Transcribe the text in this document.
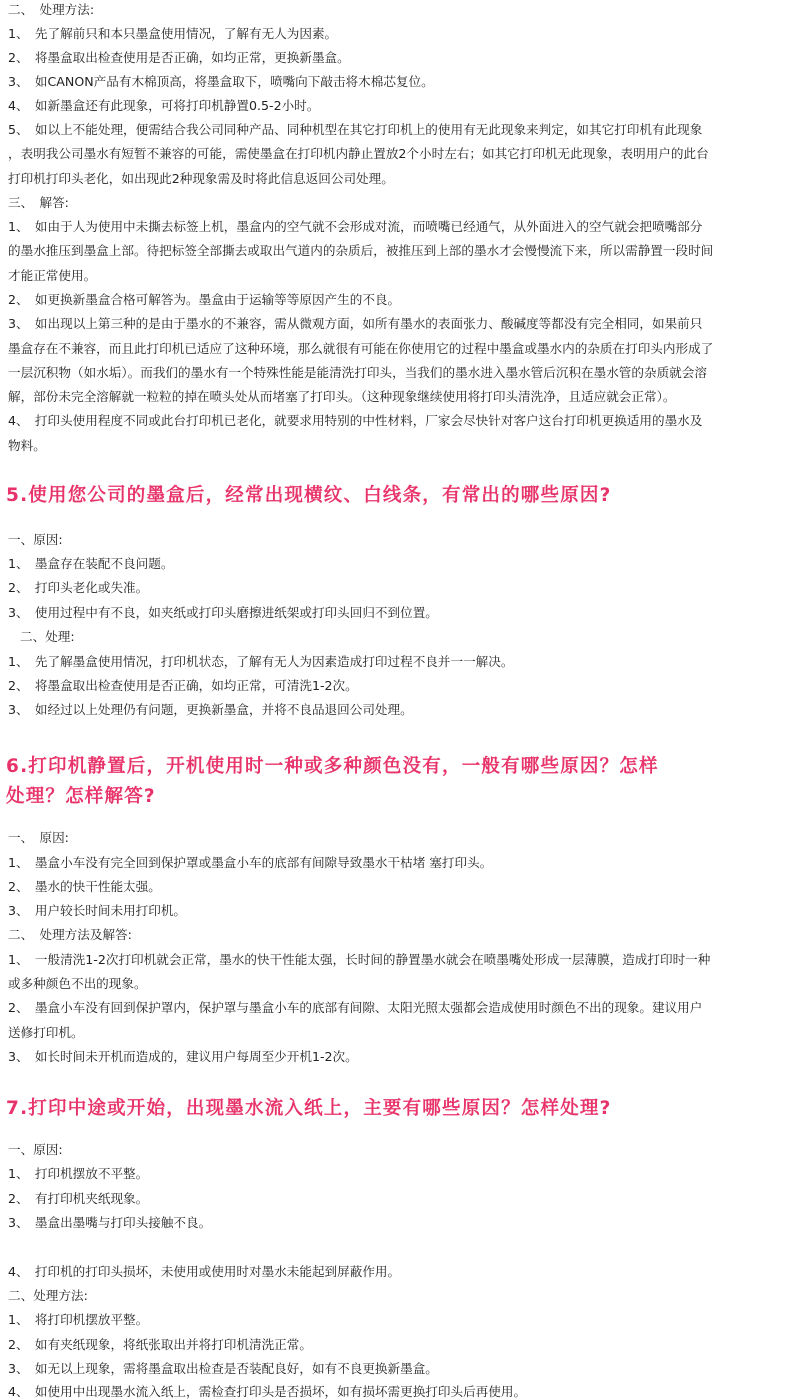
二、　处理方法:
1、　先了解前只和本只墨盒使用情况，了解有无人为因素。
2、　将墨盒取出检查使用是否正确，如均正常，更换新墨盒。
3、　如CANON产品有木棉顶高，将墨盒取下，喷嘴向下敲击将木棉芯复位。
4、　如新墨盒还有此现象，可将打印机静置0.5-2小时。
5、　如以上不能处理，便需结合我公司同种产品、同种机型在其它打印机上的使用有无此现象来判定，如其它打印机有此现象
，表明我公司墨水有短暂不兼容的可能，需使墨盒在打印机内静止置放2个小时左右；如其它打印机无此现象，表明用户的此台
打印机打印头老化，如出现此2种现象需及时将此信息返回公司处理。
三、　解答:
1、　如由于人为使用中未撕去标签上机，墨盒内的空气就不会形成对流，而喷嘴已经通气，从外面进入的空气就会把喷嘴部分
的墨水推压到墨盒上部。待把标签全部撕去或取出气道内的杂质后，被推压到上部的墨水才会慢慢流下来，所以需静置一段时间
才能正常使用。
2、　如更换新墨盒合格可解答为。墨盒由于运输等等原因产生的不良。
3、　如出现以上第三种的是由于墨水的不兼容，需从微观方面，如所有墨水的表面张力、酸碱度等都没有完全相同，如果前只
墨盒存在不兼容，而且此打印机已适应了这种环境，那么就很有可能在你使用它的过程中墨盒或墨水内的杂质在打印头内形成了
一层沉积物（如水垢）。而我们的墨水有一个特殊性能是能清洗打印头，当我们的墨水进入墨水管后沉积在墨水管的杂质就会溶
解，部份未完全溶解就一粒粒的掉在喷头处从而堵塞了打印头。（这种现象继续使用将打印头清洗净，且适应就会正常）。
4、　打印头使用程度不同或此台打印机已老化，就要求用特别的中性材料，厂家会尽快针对客户这台打印机更换适用的墨水及
物料。
5.使用您公司的墨盒后，经常出现横纹、白线条，有常出的哪些原因?
一、原因:
1、　墨盒存在装配不良问题。
2、　打印头老化或失准。
3、　使用过程中有不良，如夹纸或打印头磨擦进纸架或打印头回归不到位置。
二、处理:
1、　先了解墨盒使用情况，打印机状态，了解有无人为因素造成打印过程不良并一一解决。
2、　将墨盒取出检查使用是否正确，如均正常，可清洗1-2次。
3、　如经过以上处理仍有问题，更换新墨盒，并将不良品退回公司处理。
6.打印机静置后，开机使用时一种或多种颜色没有，一般有哪些原因？怎样
处理？怎样解答?
一、　原因:
1、　墨盒小车没有完全回到保护罩或墨盒小车的底部有间隙导致墨水干枯堵 塞打印头。
2、　墨水的快干性能太强。
3、　用户较长时间未用打印机。
二、　处理方法及解答:
1、　一般清洗1-2次打印机就会正常，墨水的快干性能太强，长时间的静置墨水就会在喷墨嘴处形成一层薄膜，造成打印时一种
或多种颜色不出的现象。
2、　墨盒小车没有回到保护罩内，保护罩与墨盒小车的底部有间隙、太阳光照太强都会造成使用时颜色不出的现象。建议用户
送修打印机。
3、　如长时间未开机而造成的，建议用户每周至少开机1-2次。
7.打印中途或开始，出现墨水流入纸上，主要有哪些原因？怎样处理?
一、原因:
1、　打印机摆放不平整。
2、　有打印机夹纸现象。
3、　墨盒出墨嘴与打印头接触不良。
4、　打印机的打印头损坏，未使用或使用时对墨水未能起到屏蔽作用。
二、处理方法:
1、　将打印机摆放平整。
2、　如有夹纸现象，将纸张取出并将打印机清洗正常。
3、　如无以上现象，需将墨盒取出检查是否装配良好，如有不良更换新墨盒。
4、　如使用中出现墨水流入纸上，需检查打印头是否损坏，如有损坏需更换打印头后再使用。
